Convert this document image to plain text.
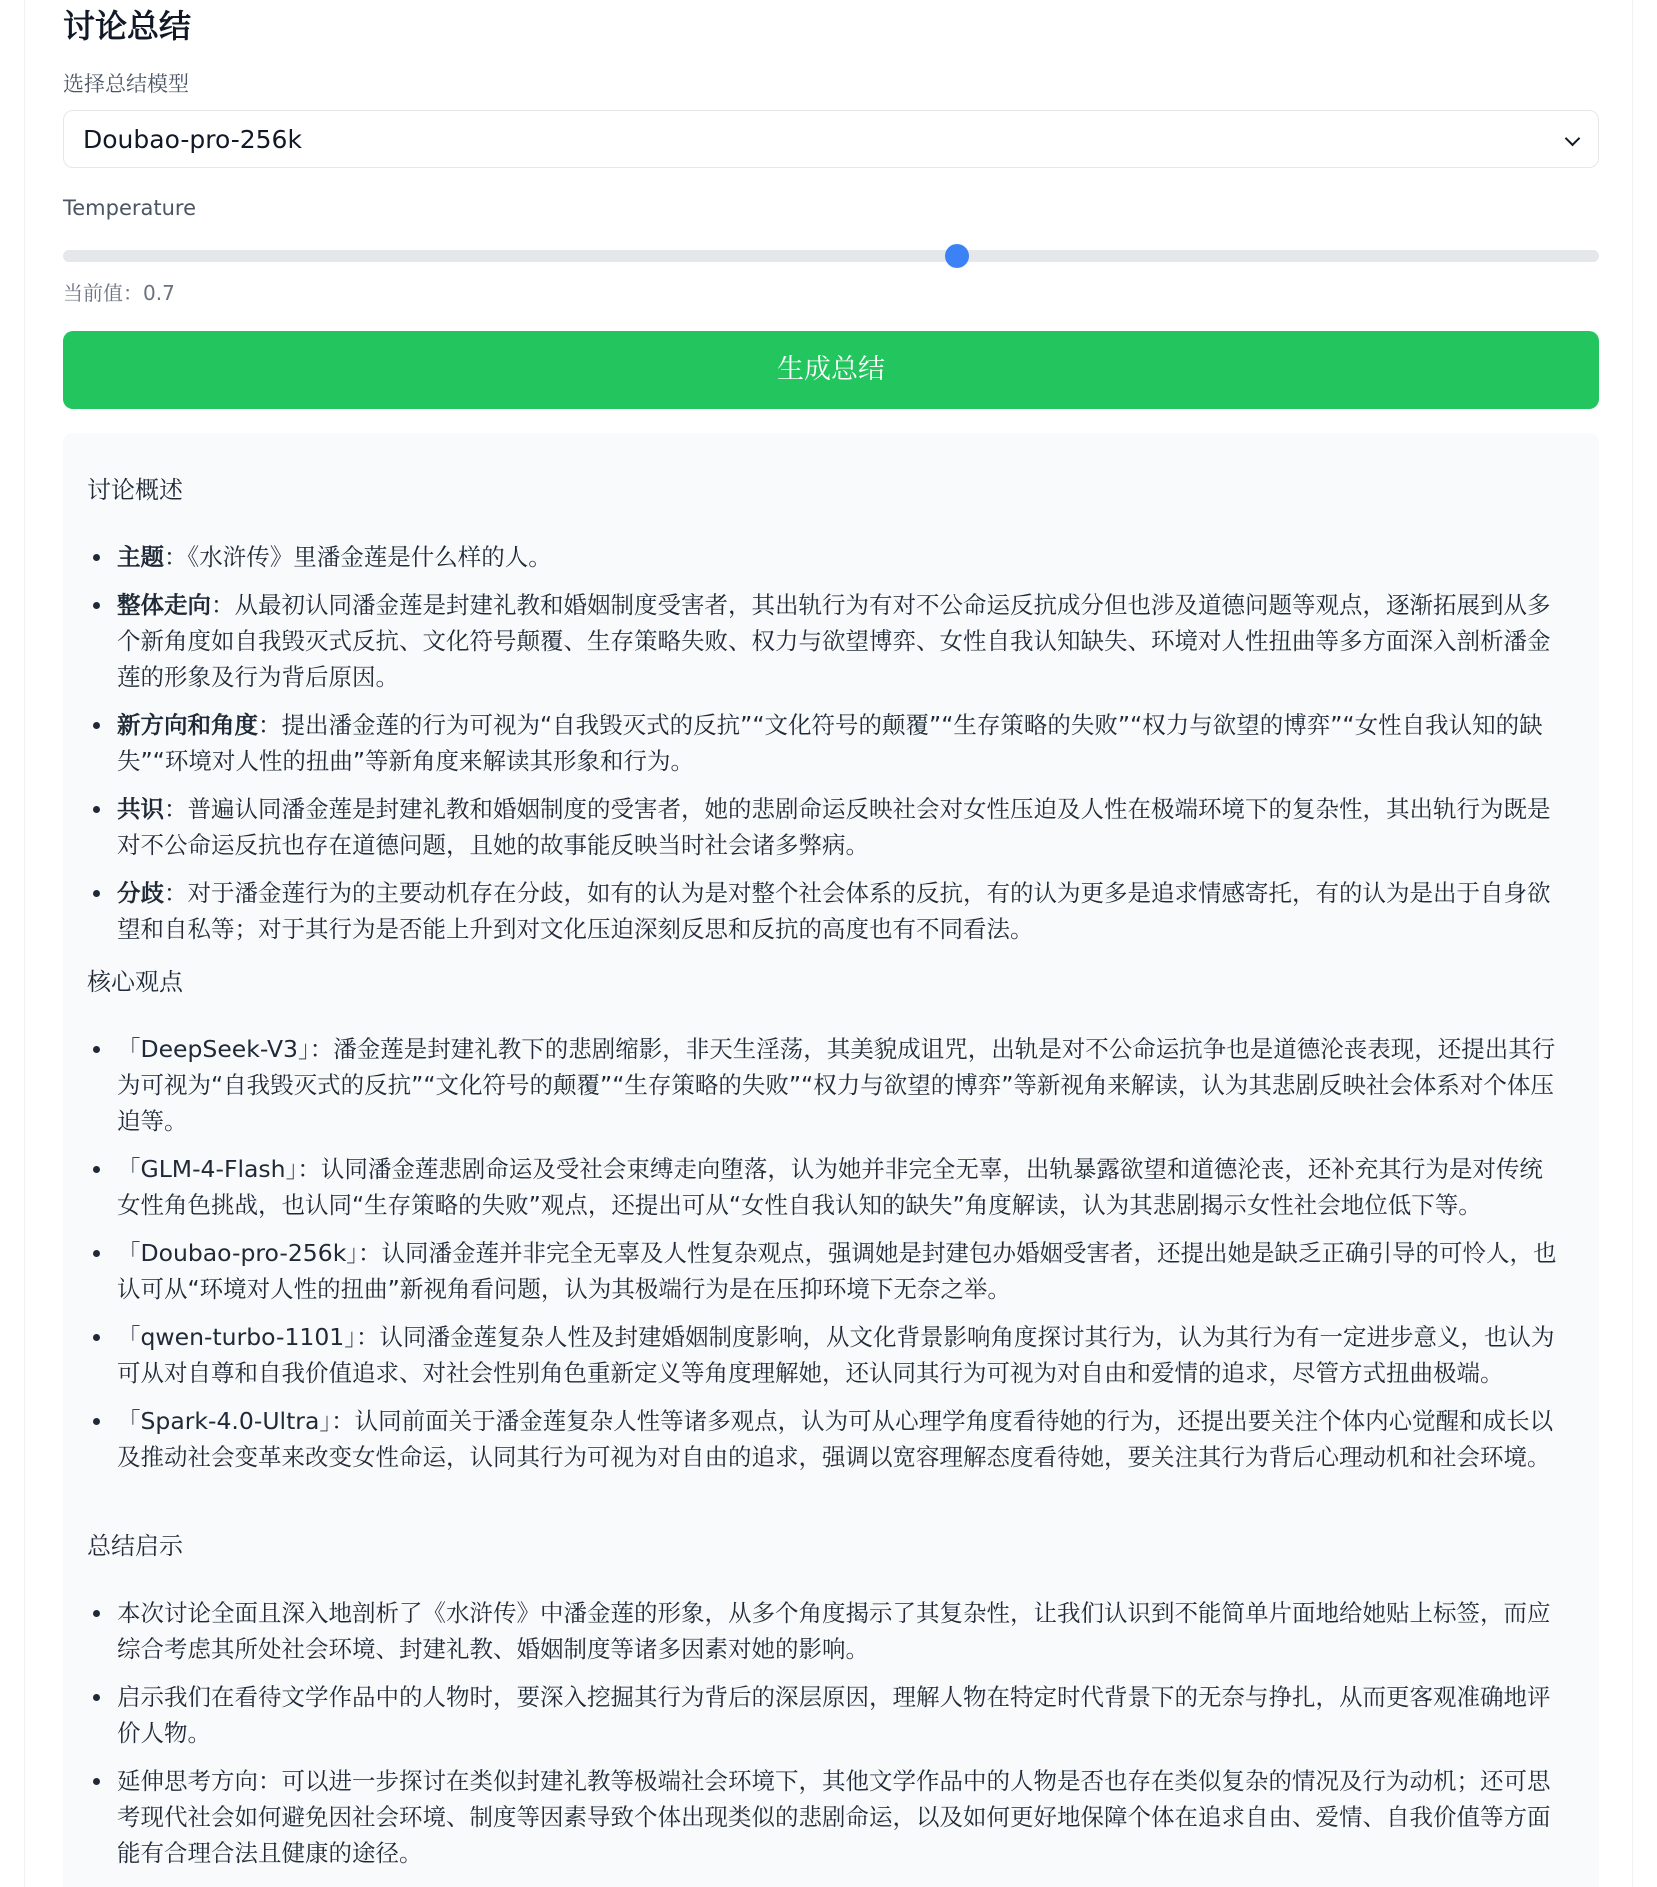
讨论总结
选择总结模型
Doubao-pro-256k
Temperature
当前值：0.7
生成总结
讨论概述
主题：《水浒传》里潘金莲是什么样的人。
整体走向：从最初认同潘金莲是封建礼教和婚姻制度受害者，其出轨行为有对不公命运反抗成分但也涉及道德问题等观点，逐渐拓展到从多个新角度如自我毁灭式反抗、文化符号颠覆、生存策略失败、权力与欲望博弈、女性自我认知缺失、环境对人性扭曲等多方面深入剖析潘金莲的形象及行为背后原因。
新方向和角度：提出潘金莲的行为可视为“自我毁灭式的反抗”“文化符号的颠覆”“生存策略的失败”“权力与欲望的博弈”“女性自我认知的缺失”“环境对人性的扭曲”等新角度来解读其形象和行为。
共识：普遍认同潘金莲是封建礼教和婚姻制度的受害者，她的悲剧命运反映社会对女性压迫及人性在极端环境下的复杂性，其出轨行为既是对不公命运反抗也存在道德问题，且她的故事能反映当时社会诸多弊病。
分歧：对于潘金莲行为的主要动机存在分歧，如有的认为是对整个社会体系的反抗，有的认为更多是追求情感寄托，有的认为是出于自身欲望和自私等；对于其行为是否能上升到对文化压迫深刻反思和反抗的高度也有不同看法。
核心观点
「DeepSeek-V3」：潘金莲是封建礼教下的悲剧缩影，非天生淫荡，其美貌成诅咒，出轨是对不公命运抗争也是道德沦丧表现，还提出其行为可视为“自我毁灭式的反抗”“文化符号的颠覆”“生存策略的失败”“权力与欲望的博弈”等新视角来解读，认为其悲剧反映社会体系对个体压迫等。
「GLM-4-Flash」：认同潘金莲悲剧命运及受社会束缚走向堕落，认为她并非完全无辜，出轨暴露欲望和道德沦丧，还补充其行为是对传统女性角色挑战，也认同“生存策略的失败”观点，还提出可从“女性自我认知的缺失”角度解读，认为其悲剧揭示女性社会地位低下等。
「Doubao-pro-256k」：认同潘金莲并非完全无辜及人性复杂观点，强调她是封建包办婚姻受害者，还提出她是缺乏正确引导的可怜人，也认可从“环境对人性的扭曲”新视角看问题，认为其极端行为是在压抑环境下无奈之举。
「qwen-turbo-1101」：认同潘金莲复杂人性及封建婚姻制度影响，从文化背景影响角度探讨其行为，认为其行为有一定进步意义，也认为可从对自尊和自我价值追求、对社会性别角色重新定义等角度理解她，还认同其行为可视为对自由和爱情的追求，尽管方式扭曲极端。
「Spark-4.0-Ultra」：认同前面关于潘金莲复杂人性等诸多观点，认为可从心理学角度看待她的行为，还提出要关注个体内心觉醒和成长以及推动社会变革来改变女性命运，认同其行为可视为对自由的追求，强调以宽容理解态度看待她，要关注其行为背后心理动机和社会环境。
总结启示
本次讨论全面且深入地剖析了《水浒传》中潘金莲的形象，从多个角度揭示了其复杂性，让我们认识到不能简单片面地给她贴上标签，而应综合考虑其所处社会环境、封建礼教、婚姻制度等诸多因素对她的影响。
启示我们在看待文学作品中的人物时，要深入挖掘其行为背后的深层原因，理解人物在特定时代背景下的无奈与挣扎，从而更客观准确地评价人物。
延伸思考方向：可以进一步探讨在类似封建礼教等极端社会环境下，其他文学作品中的人物是否也存在类似复杂的情况及行为动机；还可思考现代社会如何避免因社会环境、制度等因素导致个体出现类似的悲剧命运，以及如何更好地保障个体在追求自由、爱情、自我价值等方面能有合理合法且健康的途径。
